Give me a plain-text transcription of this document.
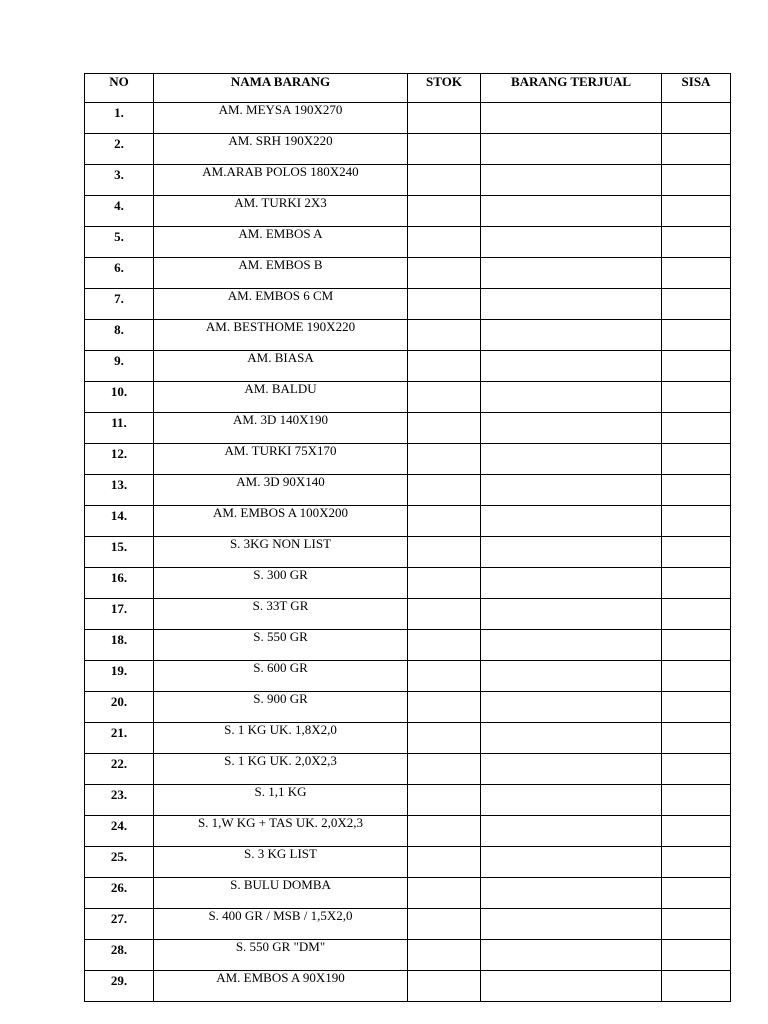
NO	NAMA BARANG	STOK	BARANG TERJUAL	SISA
1.	AM. MEYSA 190X270			
2.	AM. SRH 190X220			
3.	AM.ARAB POLOS 180X240			
4.	AM. TURKI 2X3			
5.	AM. EMBOS A			
6.	AM. EMBOS B			
7.	AM. EMBOS 6 CM			
8.	AM. BESTHOME 190X220			
9.	AM. BIASA			
10.	AM. BALDU			
11.	AM. 3D 140X190			
12.	AM. TURKI 75X170			
13.	AM. 3D 90X140			
14.	AM. EMBOS A 100X200			
15.	S. 3KG NON LIST			
16.	S. 300 GR			
17.	S. 33T GR			
18.	S. 550 GR			
19.	S. 600 GR			
20.	S. 900 GR			
21.	S. 1 KG UK. 1,8X2,0			
22.	S. 1 KG UK. 2,0X2,3			
23.	S. 1,1 KG			
24.	S. 1,W KG + TAS UK. 2,0X2,3			
25.	S. 3 KG LIST			
26.	S. BULU DOMBA			
27.	S. 400 GR / MSB / 1,5X2,0			
28.	S. 550 GR "DM"			
29.	AM. EMBOS A 90X190			
